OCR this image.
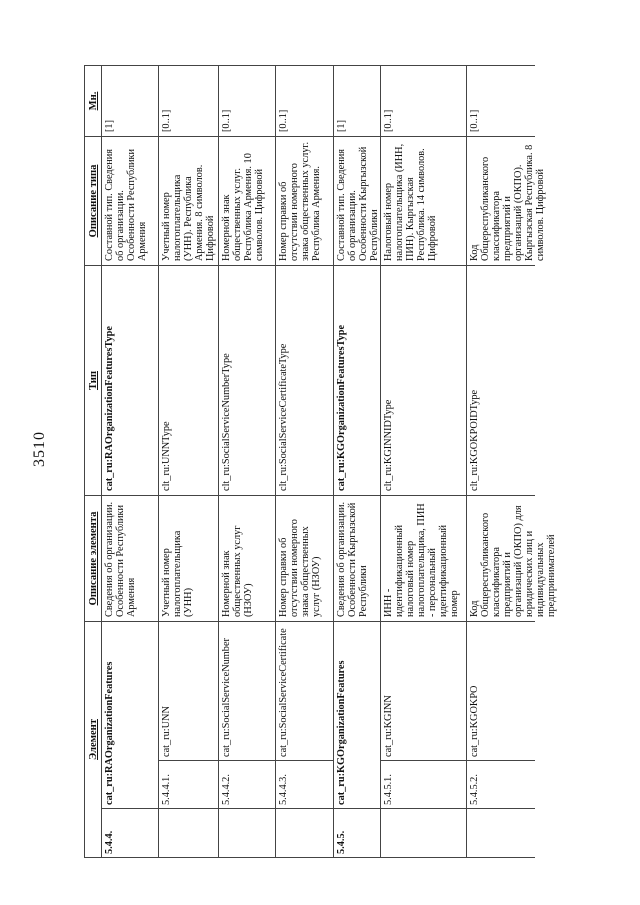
3510
Элемент
Описание элемента
Тип
Описание типа
Мн.
5.4.4.
cat_ru:RAOrganizationFeatures
Сведения об организации. Особенности Республики Армения
cat_ru:RAOrganizationFeaturesType
Составной тип. Сведения об организации. Особенности Республики Армения
[1]
5.4.4.1.
cat_ru:UNN
Учетный номер налогоплательщика (УНН)
clt_ru:UNNType
Учетный номер налогоплательщика (УНН). Республика Армения. 8 символов. Цифровой
[0..1]
5.4.4.2.
cat_ru:SocialServiceNumber
Номерной знак общественных услуг (НЗОУ)
clt_ru:SocialServiceNumberType
Номерной знак общественных услуг. Республика Армения. 10 символов. Цифровой
[0..1]
5.4.4.3.
cat_ru:SocialServiceCertificate
Номер справки об отсутствии номерного знака общественных услуг (НЗОУ)
clt_ru:SocialServiceCertificateType
Номер справки об отсутствии номерного знака общественных услуг. Республика Армения.
[0..1]
5.4.5.
cat_ru:KGOrganizationFeatures
Сведения об организации. Особенности Кыргызской Республики
cat_ru:KGOrganizationFeaturesType
Составной тип. Сведения об организации. Особенности Кыргызской Республики
[1]
5.4.5.1.
cat_ru:KGINN
ИНН - идентификационный налоговый номер налогоплательщика, ПИН - персональный идентификационный номер
clt_ru:KGINNIDType
Налоговый номер налогоплательщика (ИНН, ПИН). Кыргызская Республика. 14 символов. Цифровой
[0..1]
5.4.5.2.
cat_ru:KGOKPO
Код Общереспубликанского классификатора предприятий и организаций (ОКПО) для юридических лиц и индивидуальных предпринимателей
clt_ru:KGOKPOIDType
Код Общереспубликанского классификатора предприятий и организаций (ОКПО). Кыргызская Республика. 8 символов. Цифровой
[0..1]
